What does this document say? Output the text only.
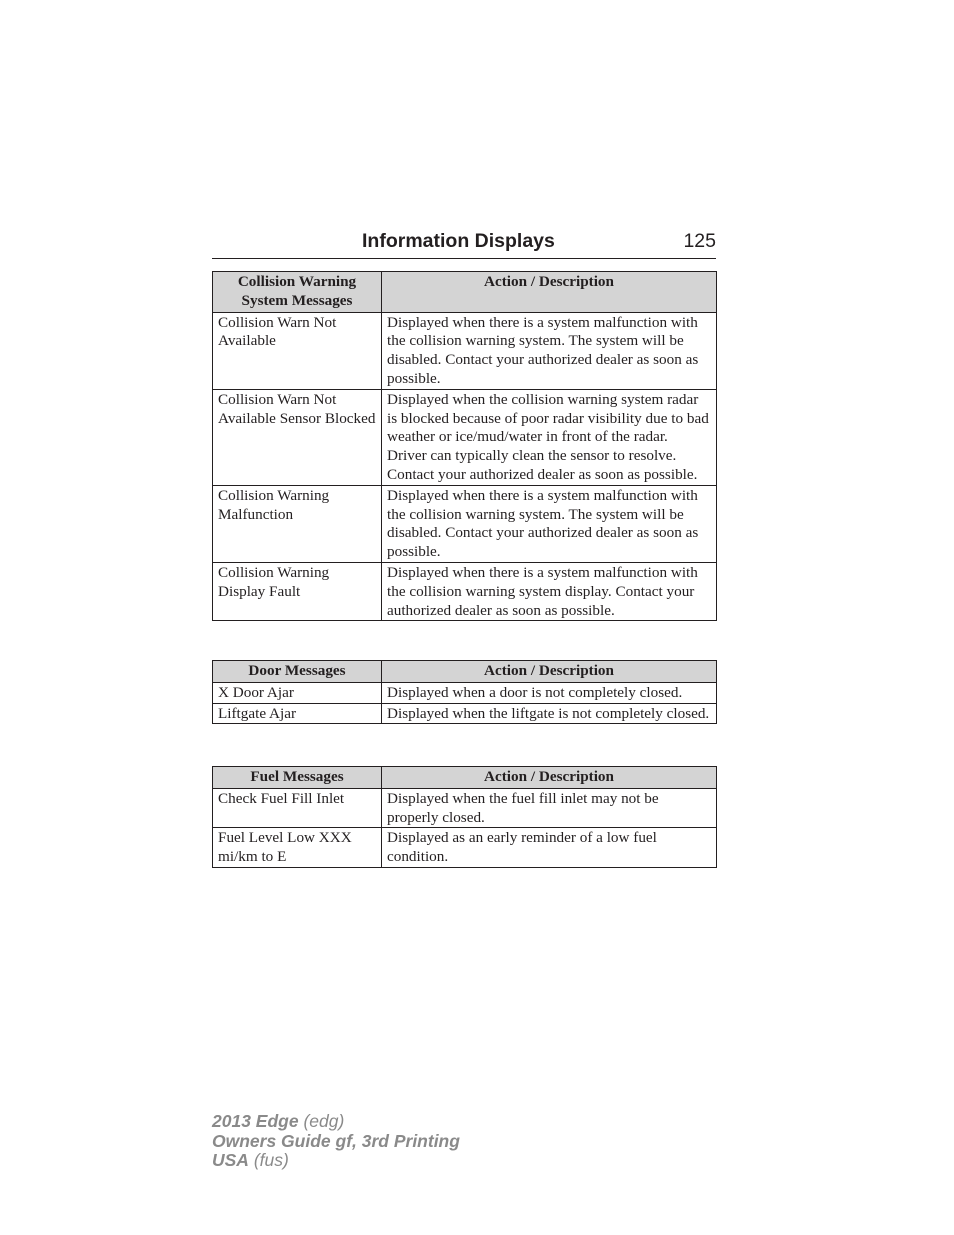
Information Displays	125
Collision Warning System Messages	Action / Description
Collision Warn Not Available	Displayed when there is a system malfunction with the collision warning system. The system will be disabled. Contact your authorized dealer as soon as possible.
Collision Warn Not Available Sensor Blocked	Displayed when the collision warning system radar is blocked because of poor radar visibility due to bad weather or ice/mud/water in front of the radar. Driver can typically clean the sensor to resolve. Contact your authorized dealer as soon as possible.
Collision Warning Malfunction	Displayed when there is a system malfunction with the collision warning system. The system will be disabled. Contact your authorized dealer as soon as possible.
Collision Warning Display Fault	Displayed when there is a system malfunction with the collision warning system display. Contact your authorized dealer as soon as possible.
Door Messages	Action / Description
X Door Ajar	Displayed when a door is not completely closed.
Liftgate Ajar	Displayed when the liftgate is not completely closed.
Fuel Messages	Action / Description
Check Fuel Fill Inlet	Displayed when the fuel fill inlet may not be properly closed.
Fuel Level Low XXX mi/km to E	Displayed as an early reminder of a low fuel condition.
2013 Edge (edg)
Owners Guide gf, 3rd Printing
USA (fus)
